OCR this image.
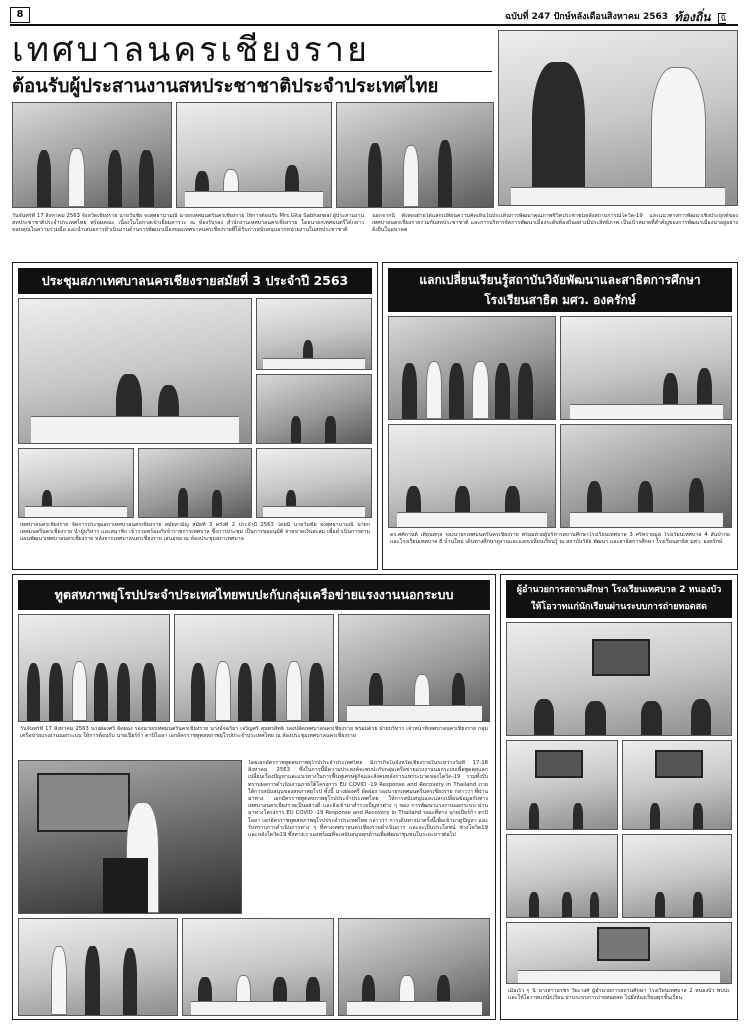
8	ฉบับที่ 247 ปักษ์หลังเดือนสิงหาคม 2563 ท้องถิ่น นิ
เทศบาลนครเชียงราย
ต้อนรับผู้ประสานงานสหประชาชาติประจำประเทศไทย
วันจันทร์ที่ 17 สิงหาคม 2563 จังหวัดเชียงราย นายวันชัย จงสุทธานามณี นายกเทศมนตรีนครเชียงราย ให้การต้อนรับ Mrs.Gita Sabharwal ผู้ประสานงานสหประชาชาติประจำประเทศไทย พร้อมคณะ เนื่องในโอกาสเข้าเยี่ยมคารวะ ณ ห้องรับรอง สำนักงานเทศบาลนครเชียงราย โดยนายกเทศมนตรีได้กล่าวขอบคุณในความร่วมมือ และนำเสนอการดำเนินงานด้านการพัฒนาเมืองของเทศบาลนครเชียงรายที่ได้รับการสนับสนุนจากหน่วยงานในสหประชาชาติ
นอกจากนี้ ทั้งสองฝ่ายได้แลกเปลี่ยนความคิดเห็นในประเด็นการพัฒนาคุณภาพชีวิตประชาชนหลังสถานการณ์โควิด-19 และแนวทางการพัฒนาเชิงประยุกต์ของเทศบาลนครเชียงรายร่วมกับสหประชาชาติ และการบริหารจัดการพัฒนาเมืองระดับท้องถิ่นอย่างมีประสิทธิภาพ เป็นเป้าหมายที่สำคัญของการพัฒนาเมืองน่าอยู่อย่างยั่งยืนในอนาคต
ประชุมสภาเทศบาลนครเชียงรายสมัยที่ 3 ประจำปี 2563
เทศบาลนครเชียงราย จัดการประชุมสภาเทศบาลนครเชียงราย สมัยสามัญ สมัยที่ 3 ครั้งที่ 2 ประจำปี 2563 โดยมี นายวันชัย จงสุทธานามณี นายกเทศมนตรีนครเชียงราย นำผู้บริหาร และสมาชิก เข้าร่วมพร้อมกับข้าราชการเทศบาล ซึ่งการประชุม เป็นการขออนุมัติ จ่ายขาดเงินสะสม เพื่อดำเนินการตามแผนพัฒนาเทศบาลนครเชียงราย หลังจากเทศบาลนครเชียงราย เสนอขอ ณ ห้องประชุมสภาเทศบาล
แลกเปลี่ยนเรียนรู้สถาบันวิจัยพัฒนาและสาธิตการศึกษา
โรงเรียนสาธิต มศว. องครักษ์
ดร.ศศิกานต์ เตียนสกุล รองนายกเทศมนตรีนครเชียงราย พร้อมด้วยผู้บริหารสถานศึกษาโรงเรียนเทศบาล 3 ศรีทรายมูล โรงเรียนเทศบาล 4 สันป่าก่อ และโรงเรียนเทศบาล 8 บ้านใหม่ เดินทางศึกษาดูงานและแลกเปลี่ยนเรียนรู้ ณ สถาบันวิจัย พัฒนา และสาธิตการศึกษา โรงเรียนสาธิต มศว. องครักษ์
ทูตสหภาพยุโรปประจำประเทศไทยพบปะกับกลุ่มเครือข่ายแรงงานนอกระบบ
วันจันทร์ที่ 17 สิงหาคม 2563 นางผ่องศรี ผัดผ่อง รองนายกเทศมนตรีนครเชียงราย นางอัจฉริยา เจริญศรี สุนทรสิทธิ รองปลัดเทศบาลนครเชียงราย พร้อมด้วย ฝ่ายบริหาร เจ้าหน้าที่เทศบาลนครเชียงราย กลุ่มเครือข่ายแรงงานนอกระบบ ให้การต้อนรับ นายเปียร์ก้า ตาปิโอลา เอกอัครราชทูตสหภาพยุโรปประจำประเทศไทย ณ ห้องประชุมเทศบาลนครเชียงราย
โดยเอกอัครราชทูตสหภาพยุโรปประจำประเทศไทย มีภารกิจในจังหวัดเชียงรายในระหว่างวันที่ 17-18 สิงหาคม 2563 ซึ่งในการนี้มีความประสงค์จะพบปะกับกลุ่มเครือข่ายแรงงานนอกระบบเพื่อพูดคุยแลกเปลี่ยนเรื่องปัญหาและแนวทางในการฟื้นฟูเศรษฐกิจและสังคมหลังการแพร่ระบาดของโควิด-19 รวมทั้งรับทราบผลการดำเนินงานภายใต้โครงการ EU COVID -19 Response and Recovery in Thailand ภายใต้การสนับสนุนของสหภาพยุโรป ทั้งนี้ นางผ่องศรี ผัดผ่อง รองนายกเทศมนตรีนครเชียงราย กล่าวว่า ที่ผ่านมาทาง เอกอัครราชทูตสหภาพยุโรปประจำประเทศไทย ให้การสนับสนุนและแลกเปลี่ยนข้อมูลกับทางเทศบาลนครเชียงรายเป็นอย่างดี และยังเข้ามาสำรวจปัญหาต่าง ๆ ของ การพัฒนาแรงงานนอกระบบ ผ่านมาทางโครงการ EU COVID -19 Response and Recovery in Thailand ขณะที่ทาง นายเปียร์ก้า ตาปิโอลา เอกอัครราชทูตสหภาพยุโรปประจำประเทศไทย กล่าวว่า การเดินทางมาครั้งนี้เพื่อเข้ามาดูปัญหา และรับทราบการดำเนินการต่าง ๆ ที่ทางเทศบาลนครเชียงรายดำเนินการ และจะเป็นประโยชน์ ช่วงโควิด19 และหลังโควิด19 ซึ่งทางเราเองพร้อมที่จะสนับสนุนทุกด้านเพื่อพัฒนาชุมชนในระยะยาวต่อไป
ผู้อำนวยการสถานศึกษา โรงเรียนเทศบาล 2 หนองบัว
ให้โอวาทแก่นักเรียนผ่านระบบการถ่ายทอดสด
เมื่อเร็ว ๆ นี้ นางสาวอรชร วิยะวงศ์ ผู้อำนวยการสถานศึกษา โรงเรียนเทศบาล 2 หนองบัว พบปะ และให้โอวาทแก่นักเรียน ผ่านระบบการถ่ายทอดสด ไปยังห้องเรียนทุกชั้นเรียน
